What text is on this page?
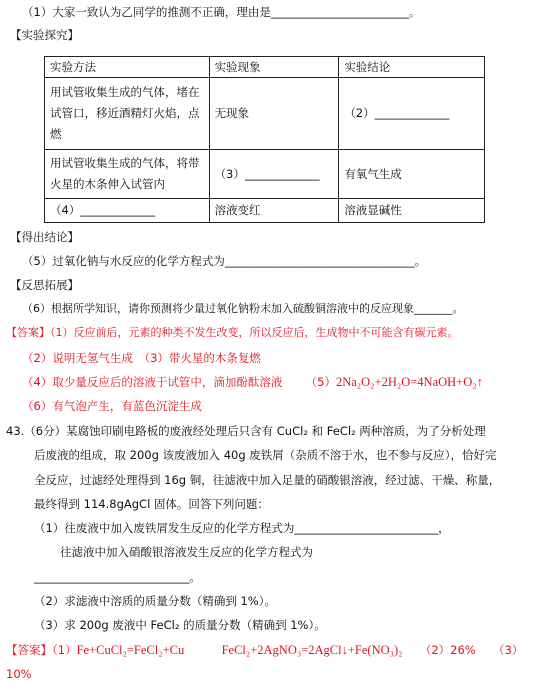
（1）大家一致认为乙同学的推测不正确，理由是________________________。
【实验探究】
实验方法	实验现象	实验结论
用试管收集生成的气体，堵在试管口，移近酒精灯火焰，点燃	无现象	（2）_____________
用试管收集生成的气体，将带火星的木条伸入试管内	（3）_____________	有氧气生成
（4）_____________	溶液变红	溶液显碱性
【得出结论】
（5）过氧化钠与水反应的化学方程式为_________________________________。
【反思拓展】
（6）根据所学知识，请你预测将少量过氧化钠粉末加入硫酸铜溶液中的反应现象_______。
【答案】（1）反应前后，元素的种类不发生改变，所以反应后，生成物中不可能含有碳元素。
（2）说明无氢气生成　（3）带火星的木条复燃
（4）取少量反应后的溶液于试管中，滴加酚酞溶液 （5）2Na₂O₂+2H₂O=4NaOH+O₂↑
（6）有气泡产生，有蓝色沉淀生成
43.（6分）某腐蚀印刷电路板的废液经处理后只含有 CuCl₂ 和 FeCl₂ 两种溶质，为了分析处理
后废液的组成，取 200g 该废液加入 40g 废铁屑（杂质不溶于水，也不参与反应），恰好完
全反应，过滤经处理得到 16g 铜，往滤液中加入足量的硝酸银溶液，经过滤、干燥、称量，
最终得到 114.8gAgCl 固体。回答下列问题：
（1）往废液中加入废铁屑发生反应的化学方程式为_________________________，
往滤液中加入硝酸银溶液发生反应的化学方程式为
___________________________。
（2）求滤液中溶质的质量分数（精确到 1%）。
（3）求 200g 废液中 FeCl₂ 的质量分数（精确到 1%）。
【答案】（1）Fe+CuCl₂=FeCl₂+Cu	FeCl₂+2AgNO₃=2AgCl↓+Fe(NO₃)₂ （2）26% （3）
10%
